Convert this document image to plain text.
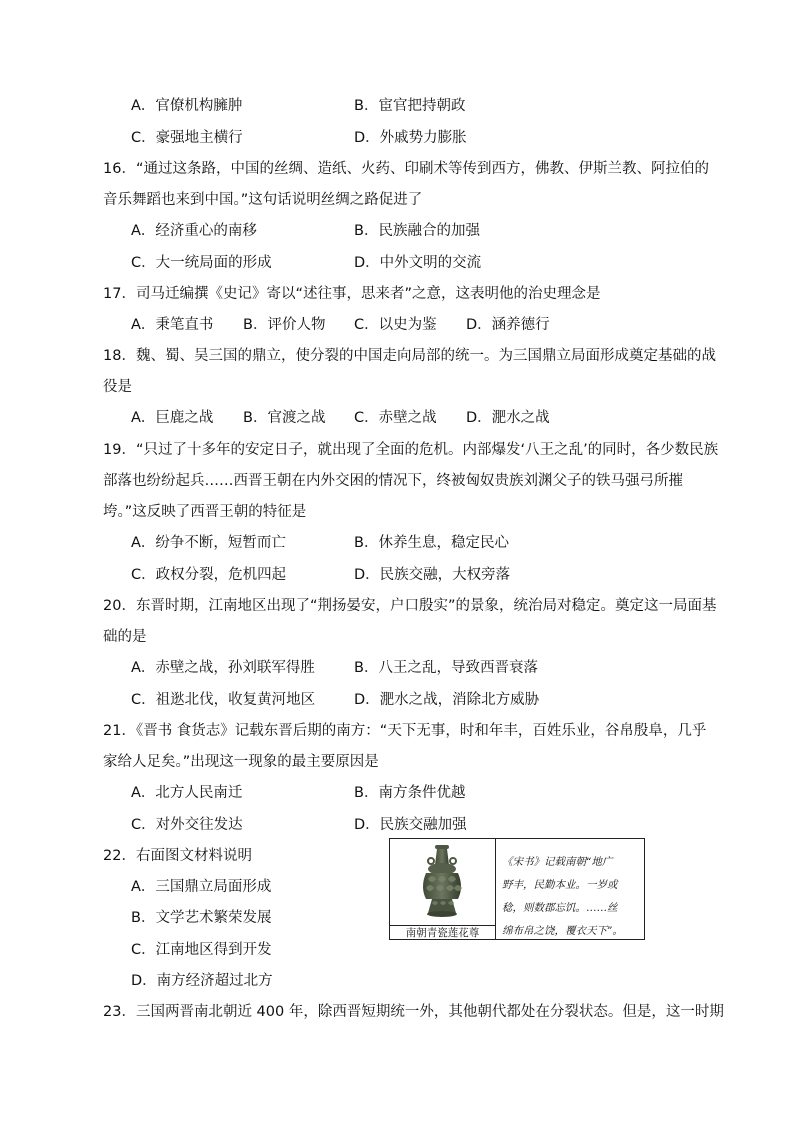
A．官僚机构臃肿	B．宦官把持朝政
C．豪强地主横行	D．外戚势力膨胀
16．“通过这条路，中国的丝绸、造纸、火药、印刷术等传到西方，佛教、伊斯兰教、阿拉伯的
音乐舞蹈也来到中国。”这句话说明丝绸之路促进了
A．经济重心的南移	B．民族融合的加强
C．大一统局面的形成	D．中外文明的交流
17．司马迁编撰《史记》寄以“述往事，思来者”之意，这表明他的治史理念是
A．秉笔直书 B．评价人物 C．以史为鉴 D．涵养德行
18．魏、蜀、吴三国的鼎立，使分裂的中国走向局部的统一。为三国鼎立局面形成奠定基础的战
役是
A．巨鹿之战 B．官渡之战 C．赤壁之战 D．淝水之战
19．“只过了十多年的安定日子，就出现了全面的危机。内部爆发‘八王之乱’的同时，各少数民族
部落也纷纷起兵……西晋王朝在内外交困的情况下，终被匈奴贵族刘渊父子的铁马强弓所摧
垮。”这反映了西晋王朝的特征是
A．纷争不断，短暂而亡	B．休养生息，稳定民心
C．政权分裂，危机四起	D．民族交融，大权旁落
20．东晋时期，江南地区出现了“荆扬晏安，户口殷实”的景象，统治局对稳定。奠定这一局面基
础的是
A．赤壁之战，孙刘联军得胜	B．八王之乱，导致西晋衰落
C．祖逖北伐，收复黄河地区	D．淝水之战，消除北方威胁
21．《晋书 食货志》记载东晋后期的南方：“天下无事，时和年丰，百姓乐业，谷帛殷阜，几乎
家给人足矣。”出现这一现象的最主要原因是
A．北方人民南迁	B．南方条件优越
C．对外交往发达	D．民族交融加强
22．右面图文材料说明
A．三国鼎立局面形成
B．文学艺术繁荣发展
C．江南地区得到开发
D．南方经济超过北方
南朝青瓷莲花尊
《宋书》记载南朝“地广
野丰，民勤本业。一岁或
稔，则数郡忘饥。……丝
绵布帛之饶，覆衣天下”。
23．三国两晋南北朝近 400 年，除西晋短期统一外，其他朝代都处在分裂状态。但是，这一时期
